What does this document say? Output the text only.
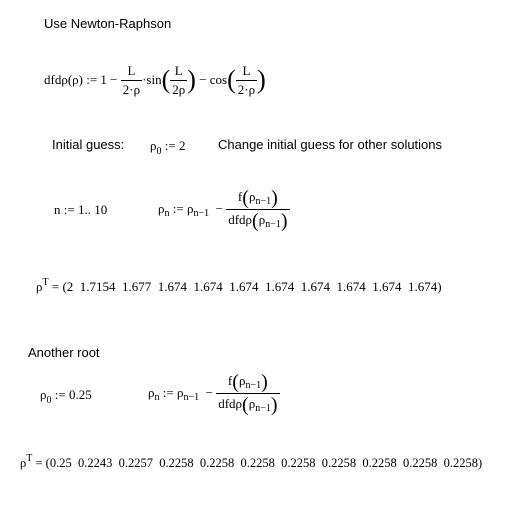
Use Newton-Raphson
dfdρ(ρ)
:=
1
−
$\frac{L}{2\cdot\rho} \cdot\sin$ ( $\frac{L}{2\rho}$ )
−
cos ( $\frac{L}{2\cdot\rho}$ )
Initial guess: $\rho_0$ := 2	Change initial guess for other solutions
n := 1.. 10	ρ n
:=
ρ n−1
−
$\frac{f(\rho_{n-1})}{dfd\rho(\rho_{n-1})}$
$\rho^T = (2$  1.7154  1.677  1.674  1.674  1.674  1.674  1.674  1.674  1.674  1.674)
Another root
$\rho_0$ := 0.25	ρ n
:=
ρ n−1
−
$\frac{f(\rho_{n-1})}{dfd\rho(\rho_{n-1})}$
$\rho^T = (0.25$  0.2243  0.2257  0.2258  0.2258  0.2258  0.2258  0.2258  0.2258  0.2258  0.2258)
